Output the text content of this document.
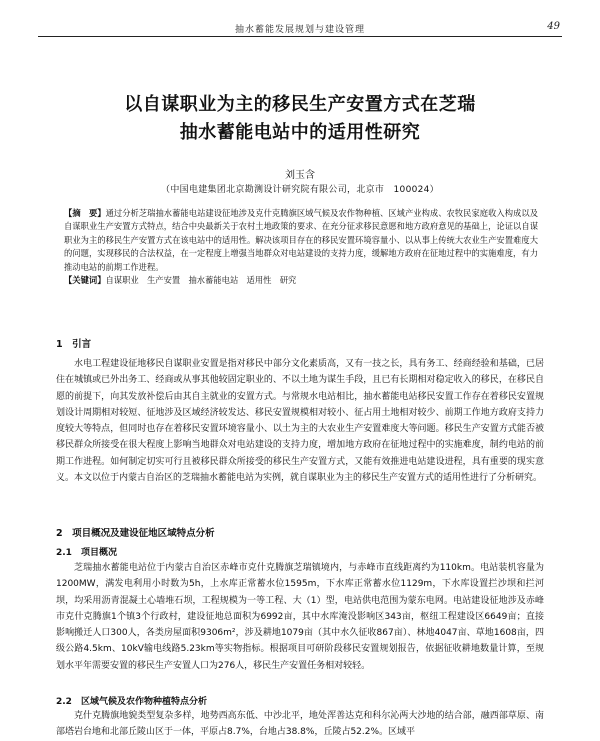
抽水蓄能发展规划与建设管理	49
以自谋职业为主的移民生产安置方式在芝瑞
抽水蓄能电站中的适用性研究
刘玉含
（中国电建集团北京勘测设计研究院有限公司，北京市　100024）
【摘　要】通过分析芝瑞抽水蓄能电站建设征地涉及克什克腾旗区域气候及农作物种植、区域产业构成、农牧民家庭收入构成以及自谋职业生产安置方式特点，结合中央最新关于农村土地政策的要求、在充分征求移民意愿和地方政府意见的基础上，论证以自谋职业为主的移民生产安置方式在该电站中的适用性。解决该项目存在的移民安置环境容量小、以从事上传统大农业生产安置难度大的问题，实现移民的合法权益，在一定程度上增强当地群众对电站建设的支持力度，缓解地方政府在征地过程中的实施难度，有力推动电站的前期工作进程。
【关键词】自谋职业　生产安置　抽水蓄能电站　适用性　研究
1　引言
水电工程建设征地移民自谋职业安置是指对移民中部分文化素质高，又有一技之长，具有务工、经商经验和基础，已居住在城镇或已外出务工、经商或从事其他较固定职业的、不以土地为谋生手段，且已有长期相对稳定收入的移民，在移民自愿的前提下，向其发放补偿后由其自主就业的安置方式。与常规水电站相比，抽水蓄能电站移民安置工作存在着移民安置规划设计周期相对较短、征地涉及区域经济较发达、移民安置规模相对较小、征占用土地相对较少、前期工作地方政府支持力度较大等特点，但同时也存在着移民安置环境容量小、以土为主的大农业生产安置难度大等问题。移民生产安置方式能否被移民群众所接受在很大程度上影响当地群众对电站建设的支持力度，增加地方政府在征地过程中的实施难度，制约电站的前期工作进程。如何制定切实可行且被移民群众所接受的移民生产安置方式，又能有效推进电站建设进程，具有重要的现实意义。本文以位于内蒙古自治区的芝瑞抽水蓄能电站为实例，就自谋职业为主的移民生产安置方式的适用性进行了分析研究。
2　项目概况及建设征地区域特点分析
2.1　项目概况
芝瑞抽水蓄能电站位于内蒙古自治区赤峰市克什克腾旗芝瑞镇境内，与赤峰市直线距离约为110km。电站装机容量为1200MW，满发电利用小时数为5h，上水库正常蓄水位1595m，下水库正常蓄水位1129m，下水库设置拦沙坝和拦河坝，均采用沥青混凝土心墙堆石坝，工程规模为一等工程、大（1）型，电站供电范围为蒙东电网。电站建设征地涉及赤峰市克什克腾旗1个镇3个行政村，建设征地总面积为6992亩，其中水库淹没影响区343亩，枢纽工程建设区6649亩；直接影响搬迁人口300人，各类房屋面积9306m²，涉及耕地1079亩（其中水久征收867亩）、林地4047亩、草地1608亩，四级公路4.5km、10kV输电线路5.23km等实物指标。根据项目可研阶段移民安置规划报告，依据征收耕地数量计算，至规划水平年需要安置的移民生产安置人口为276人，移民生产安置任务相对较轻。
2.2　区域气候及农作物种植特点分析
克什克腾旗地貌类型复杂多样，地势西高东低、中沙北平，地处浑善达克和科尔沁两大沙地的结合部，融西部草原、南部塔岩台地和北部丘陵山区于一体，平原占8.7%，台地占38.8%，丘陵占52.2%。区域平
